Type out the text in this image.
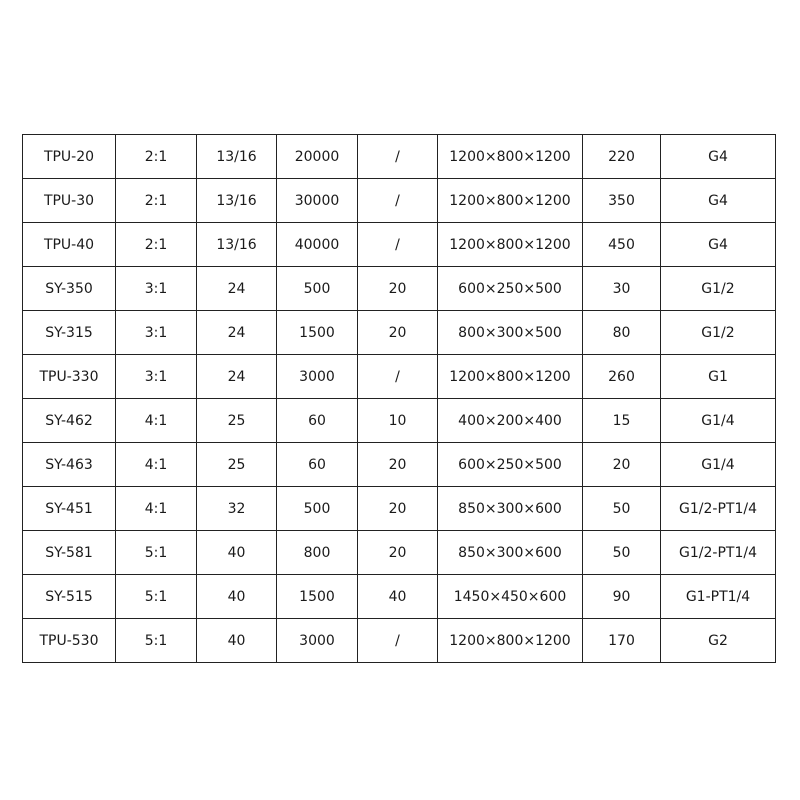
TPU-20	2:1	13/16	20000	/	1200×800×1200	220	G4
TPU-30	2:1	13/16	30000	/	1200×800×1200	350	G4
TPU-40	2:1	13/16	40000	/	1200×800×1200	450	G4
SY-350	3:1	24	500	20	600×250×500	30	G1/2
SY-315	3:1	24	1500	20	800×300×500	80	G1/2
TPU-330	3:1	24	3000	/	1200×800×1200	260	G1
SY-462	4:1	25	60	10	400×200×400	15	G1/4
SY-463	4:1	25	60	20	600×250×500	20	G1/4
SY-451	4:1	32	500	20	850×300×600	50	G1/2-PT1/4
SY-581	5:1	40	800	20	850×300×600	50	G1/2-PT1/4
SY-515	5:1	40	1500	40	1450×450×600	90	G1-PT1/4
TPU-530	5:1	40	3000	/	1200×800×1200	170	G2
